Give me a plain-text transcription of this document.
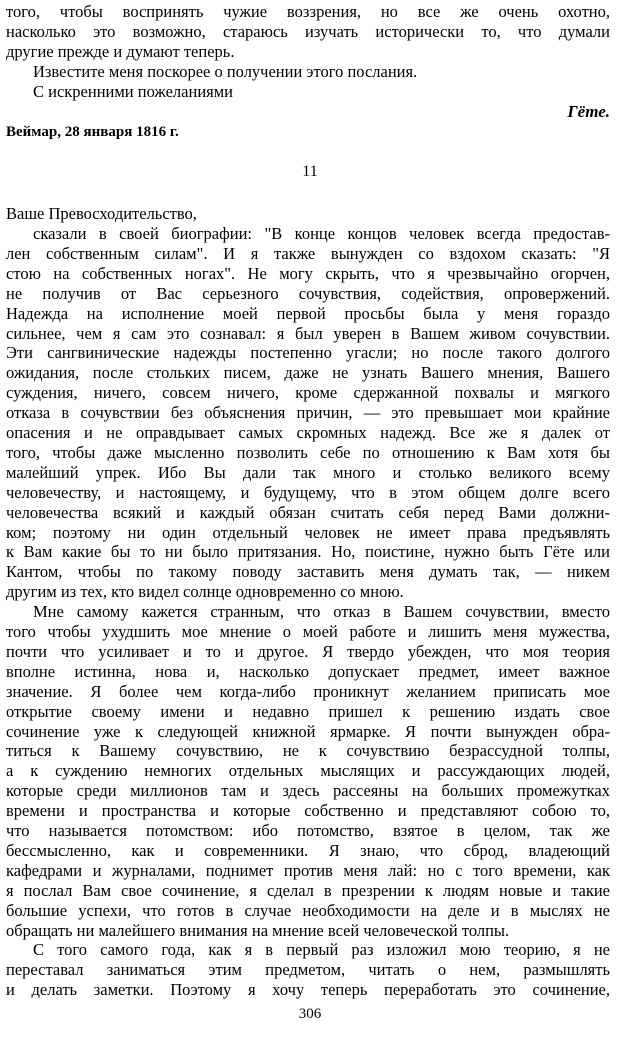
того, чтобы воспринять чужие воззрения, но все же очень охотно,
насколько это возможно, стараюсь изучать исторически то, что думали
другие прежде и думают теперь.
Известите меня поскорее о получении этого послания.
С искренними пожеланиями
Гёте.
Веймар, 28 января 1816 г.
11
Ваше Превосходительство,
сказали в своей биографии: "В конце концов человек всегда предостав-
лен собственным силам". И я также вынужден со вздохом сказать: "Я
стою на собственных ногах". Не могу скрыть, что я чрезвычайно огорчен,
не получив от Вас серьезного сочувствия, содействия, опровержений.
Надежда на исполнение моей первой просьбы была у меня гораздо
сильнее, чем я сам это сознавал: я был уверен в Вашем живом сочувствии.
Эти сангвинические надежды постепенно угасли; но после такого долгого
ожидания, после стольких писем, даже не узнать Вашего мнения, Вашего
суждения, ничего, совсем ничего, кроме сдержанной похвалы и мягкого
отказа в сочувствии без объяснения причин, — это превышает мои крайние
опасения и не оправдывает самых скромных надежд. Все же я далек от
того, чтобы даже мысленно позволить себе по отношению к Вам хотя бы
малейший упрек. Ибо Вы дали так много и столько великого всему
человечеству, и настоящему, и будущему, что в этом общем долге всего
человечества всякий и каждый обязан считать себя перед Вами должни-
ком; поэтому ни один отдельный человек не имеет права предъявлять
к Вам какие бы то ни было притязания. Но, поистине, нужно быть Гёте или
Кантом, чтобы по такому поводу заставить меня думать так, — никем
другим из тех, кто видел солнце одновременно со мною.
Мне самому кажется странным, что отказ в Вашем сочувствии, вместо
того чтобы ухудшить мое мнение о моей работе и лишить меня мужества,
почти что усиливает и то и другое. Я твердо убежден, что моя теория
вполне истинна, нова и, насколько допускает предмет, имеет важное
значение. Я более чем когда-либо проникнут желанием приписать мое
открытие своему имени и недавно пришел к решению издать свое
сочинение уже к следующей книжной ярмарке. Я почти вынужден обра-
титься к Вашему сочувствию, не к сочувствию безрассудной толпы,
а к суждению немногих отдельных мыслящих и рассуждающих людей,
которые среди миллионов там и здесь рассеяны на больших промежутках
времени и пространства и которые собственно и представляют собою то,
что называется потомством: ибо потомство, взятое в целом, так же
бессмысленно, как и современники. Я знаю, что сброд, владеющий
кафедрами и журналами, поднимет против меня лай: но с того времени, как
я послал Вам свое сочинение, я сделал в презрении к людям новые и такие
большие успехи, что готов в случае необходимости на деле и в мыслях не
обращать ни малейшего внимания на мнение всей человеческой толпы.
С того самого года, как я в первый раз изложил мою теорию, я не
переставал заниматься этим предметом, читать о нем, размышлять
и делать заметки. Поэтому я хочу теперь переработать это сочинение,
306
